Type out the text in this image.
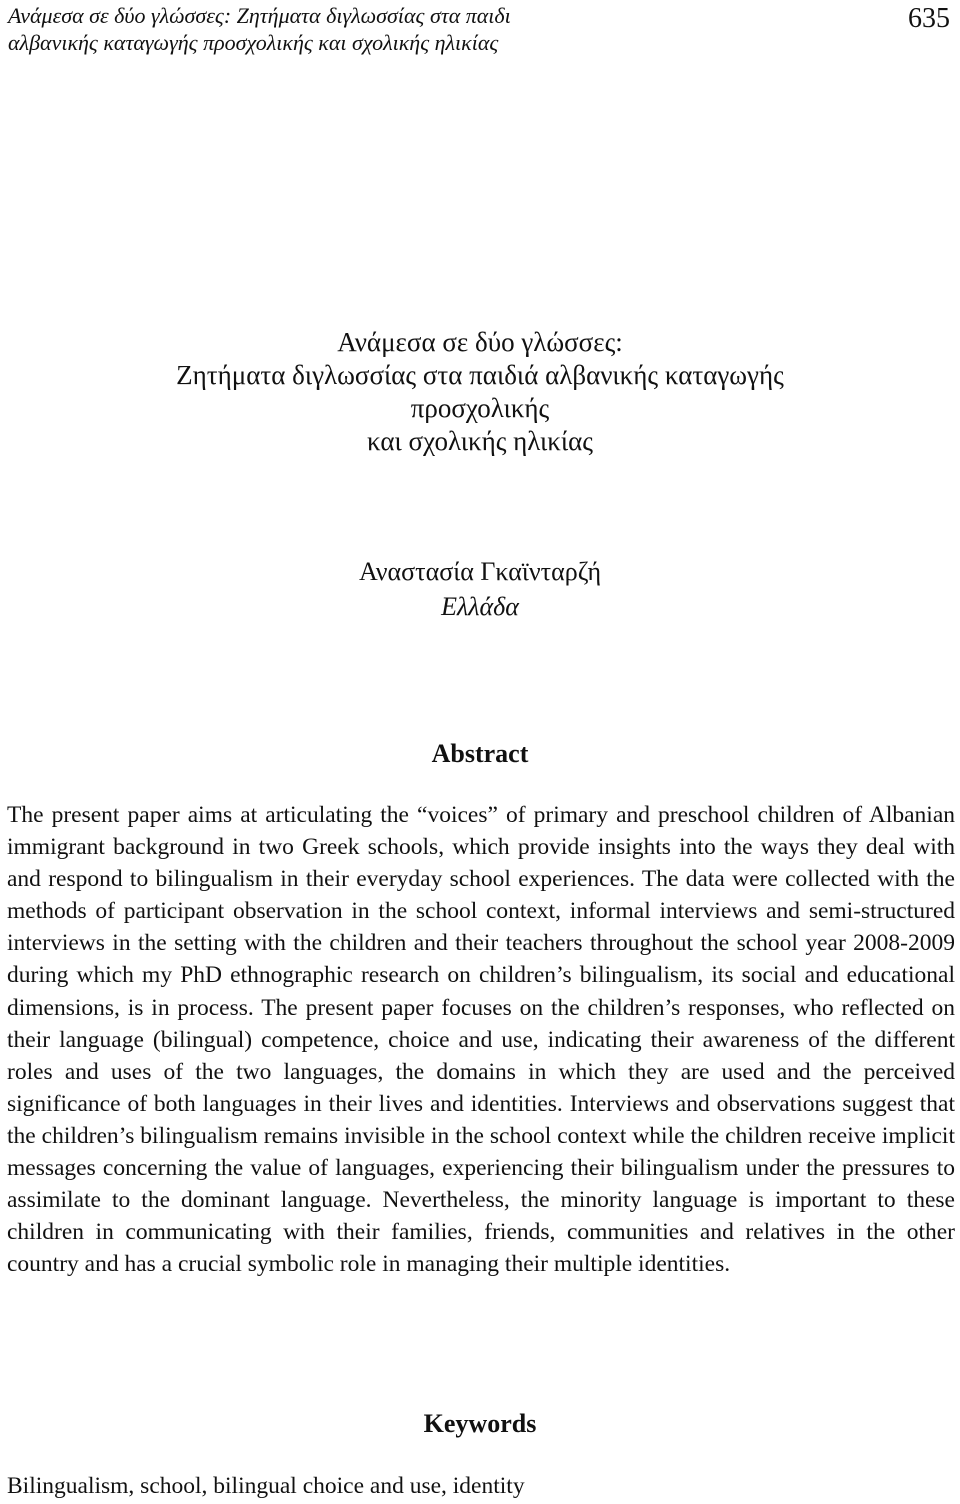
Ανάμεσα σε δύο γλώσσες: Ζητήματα διγλωσσίας στα παιδι
αλβανικής καταγωγής προσχολικής και σχολικής ηλικίας
635
Ανάμεσα σε δύο γλώσσες:
Ζητήματα διγλωσσίας στα παιδιά αλβανικής καταγωγής
προσχολικής
και σχολικής ηλικίας
Αναστασία Γκαϊνταρζή
Ελλάδα
Abstract

The present paper aims at articulating the “voices” of primary and preschool children of Albanian immigrant background in two Greek schools, which provide insights into the ways they deal with and respond to bilingualism in their everyday school experiences. The data were collected with the methods of participant observation in the school context, informal interviews and semi-structured interviews in the setting with the children and their teachers throughout the school year 2008-2009 during which my PhD ethnographic research on children’s bilingualism, its social and educational dimensions, is in process. The present paper focuses on the children’s responses, who reflected on their language (bilingual) competence, choice and use, indicating their awareness of the different roles and uses of the two languages, the domains in which they are used and the perceived significance of both languages in their lives and identities. Interviews and observations suggest that the children’s bilingualism remains invisible in the school context while the children receive implicit messages concerning the value of languages, experiencing their bilingualism under the pressures to assimilate to the dominant language. Nevertheless, the minority language is important to these children in communicating with their families, friends, communities and relatives in the other country and has a crucial symbolic role in managing their multiple identities.

Keywords
Bilingualism, school, bilingual choice and use, identity
